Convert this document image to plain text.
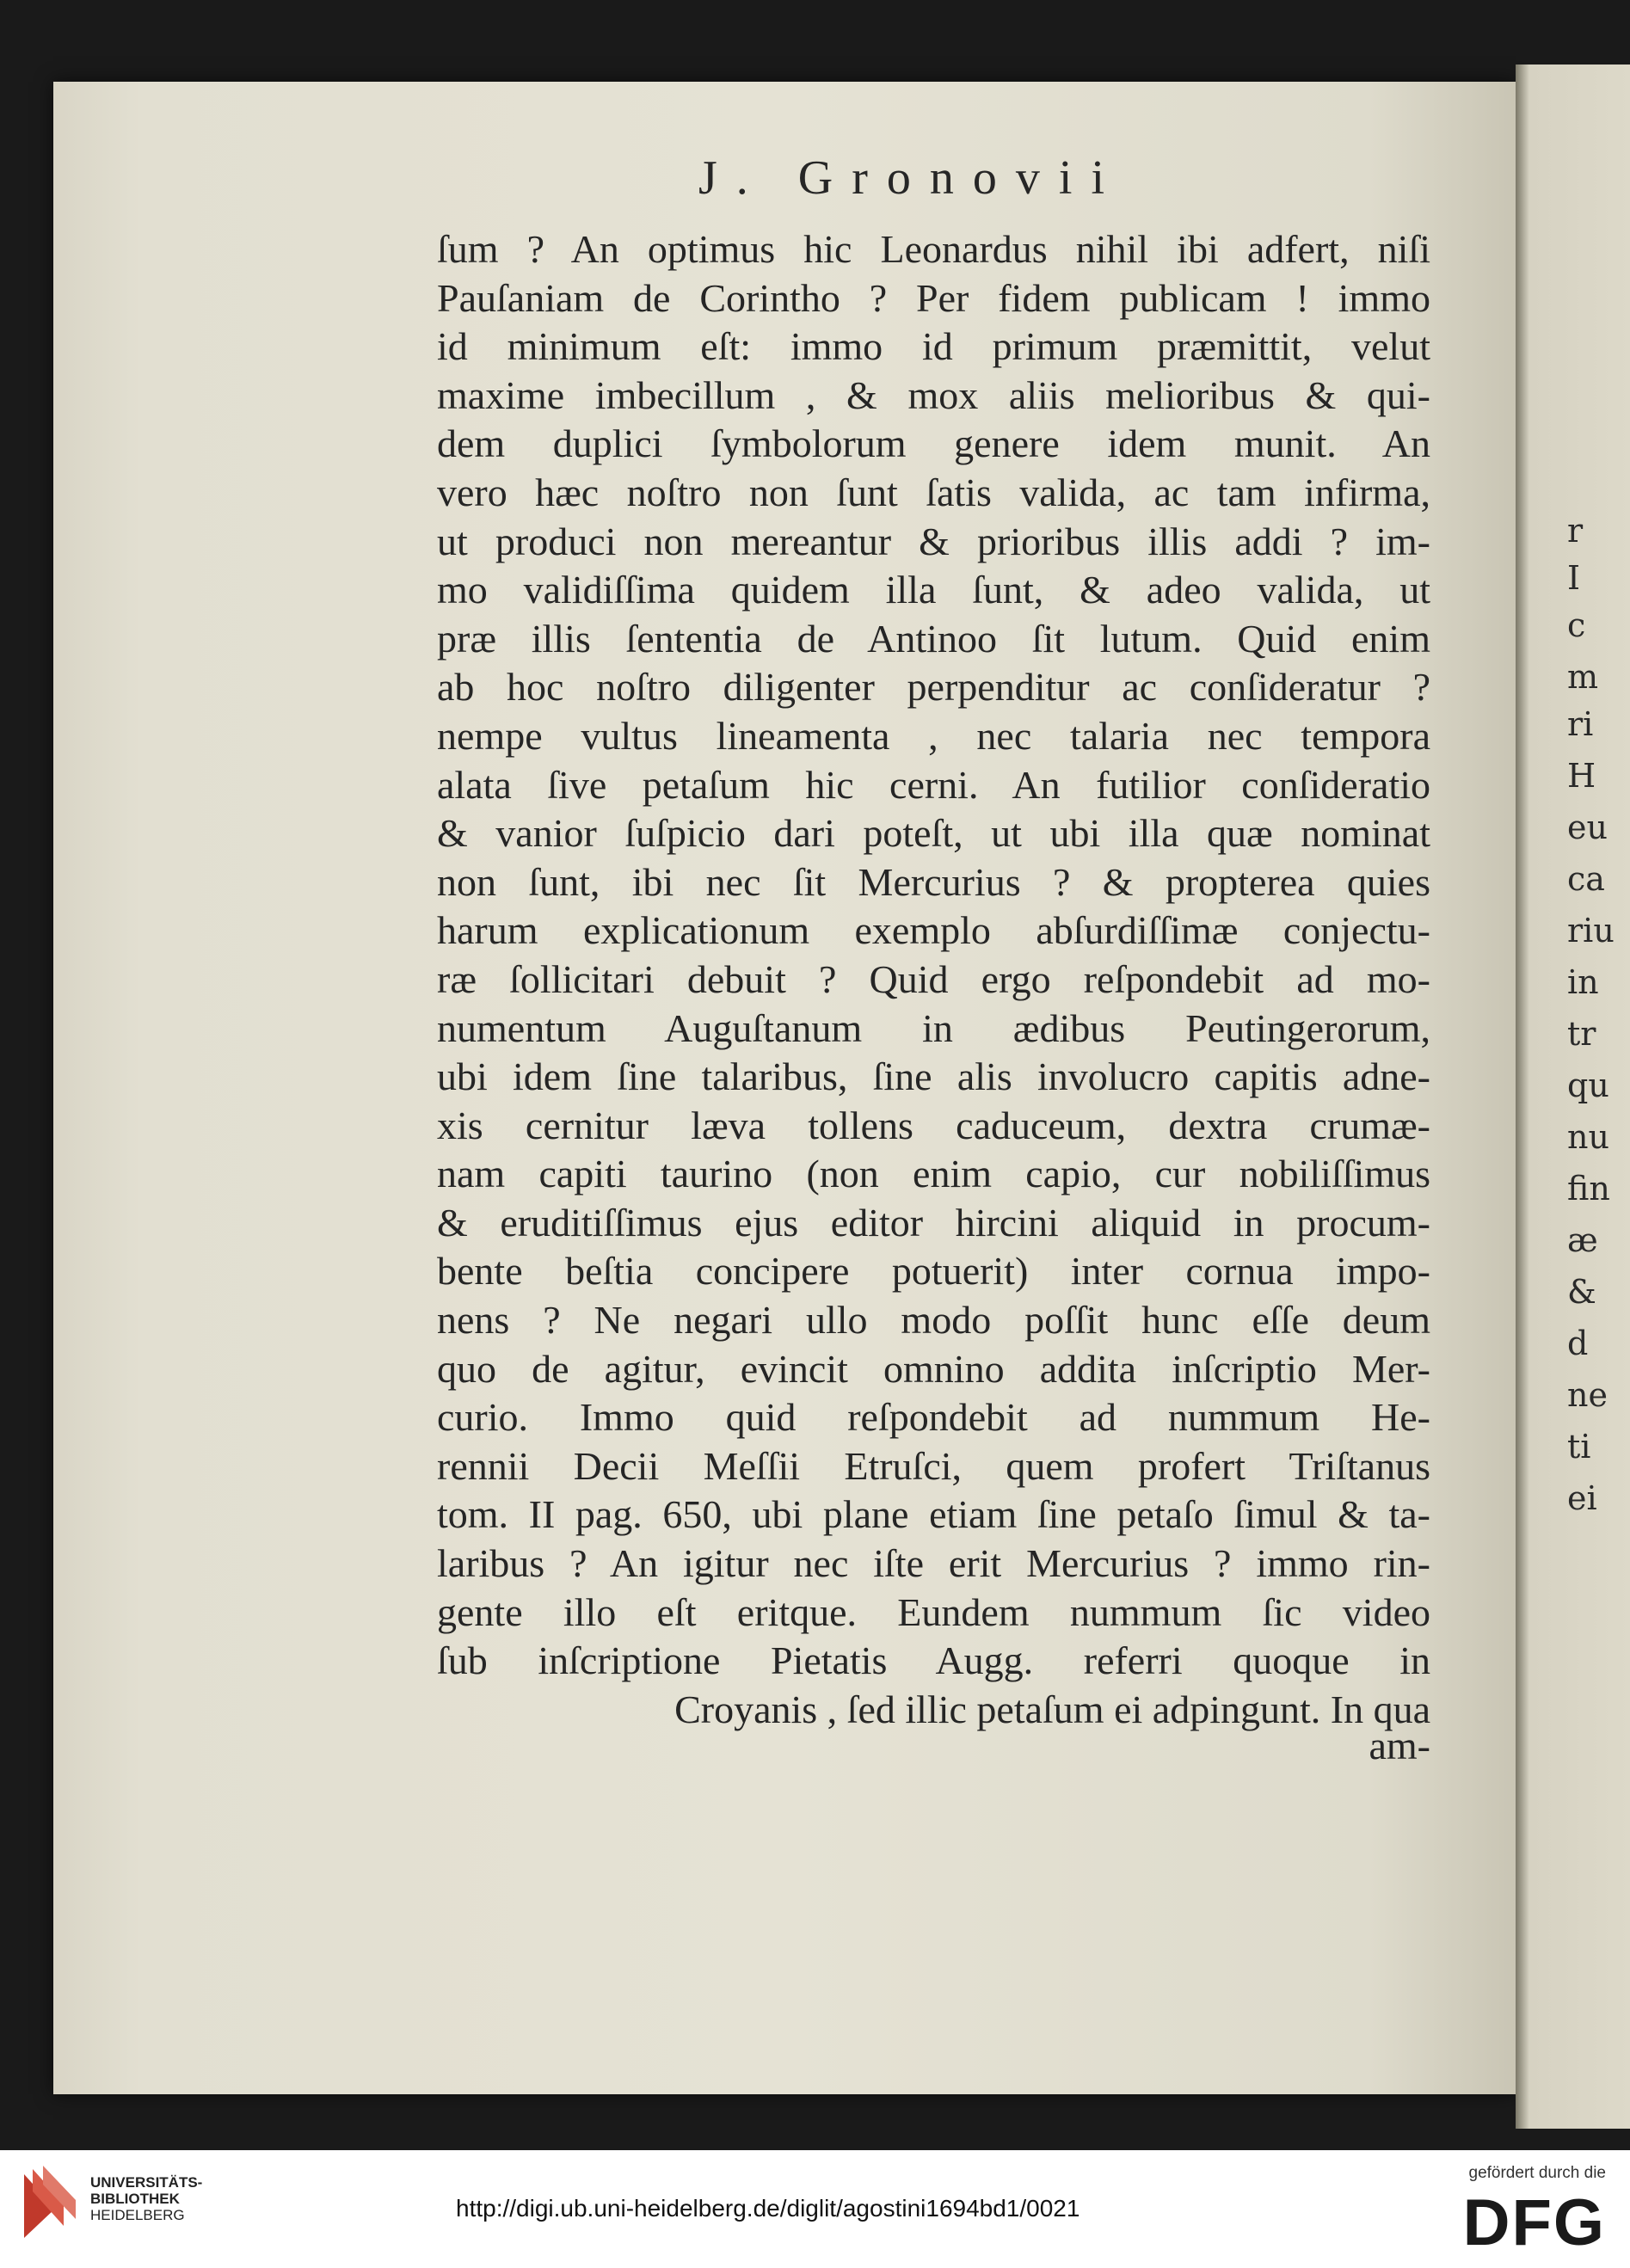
r
I
c
m
ri
H
eu
ca
riu
in
tr
qu
nu
fin
æ
&
d
ne
ti
ei
J. Gronovii
ſum ? An optimus hic Leonardus nihil ibi adfert, niſi
Pauſaniam de Corintho ? Per fidem publicam ! immo
id minimum eſt: immo id primum præmittit, velut
maxime imbecillum , & mox aliis melioribus & qui-
dem duplici ſymbolorum genere idem munit. An
vero hæc noſtro non ſunt ſatis valida, ac tam infirma,
ut produci non mereantur & prioribus illis addi ? im-
mo validiſſima quidem illa ſunt, & adeo valida, ut
præ illis ſententia de Antinoo ſit lutum. Quid enim
ab hoc noſtro diligenter perpenditur ac conſideratur ?
nempe vultus lineamenta , nec talaria nec tempora
alata ſive petaſum hic cerni. An futilior conſideratio
& vanior ſuſpicio dari poteſt, ut ubi illa quæ nominat
non ſunt, ibi nec ſit Mercurius ? & propterea quies
harum explicationum exemplo abſurdiſſimæ conjectu-
ræ ſollicitari debuit ? Quid ergo reſpondebit ad mo-
numentum Auguſtanum in ædibus Peutingerorum,
ubi idem ſine talaribus, ſine alis involucro capitis adne-
xis cernitur læva tollens caduceum, dextra crumæ-
nam capiti taurino (non enim capio, cur nobiliſſimus
& eruditiſſimus ejus editor hircini aliquid in procum-
bente beſtia concipere potuerit) inter cornua impo-
nens ? Ne negari ullo modo poſſit hunc eſſe deum
quo de agitur, evincit omnino addita inſcriptio Mer-
curio. Immo quid reſpondebit ad nummum He-
rennii Decii Meſſii Etruſci, quem profert Triſtanus
tom. II pag. 650, ubi plane etiam ſine petaſo ſimul & ta-
laribus ? An igitur nec iſte erit Mercurius ? immo rin-
gente illo eſt eritque. Eundem nummum ſic video
ſub inſcriptione Pietatis Augg. referri quoque in
Croyanis , ſed illic petaſum ei adpingunt. In qua
am-
UNIVERSITÄTS-
BIBLIOTHEK
HEIDELBERG	http://digi.ub.uni-heidelberg.de/diglit/agostini1694bd1/0021
gefördert durch die
DFG
